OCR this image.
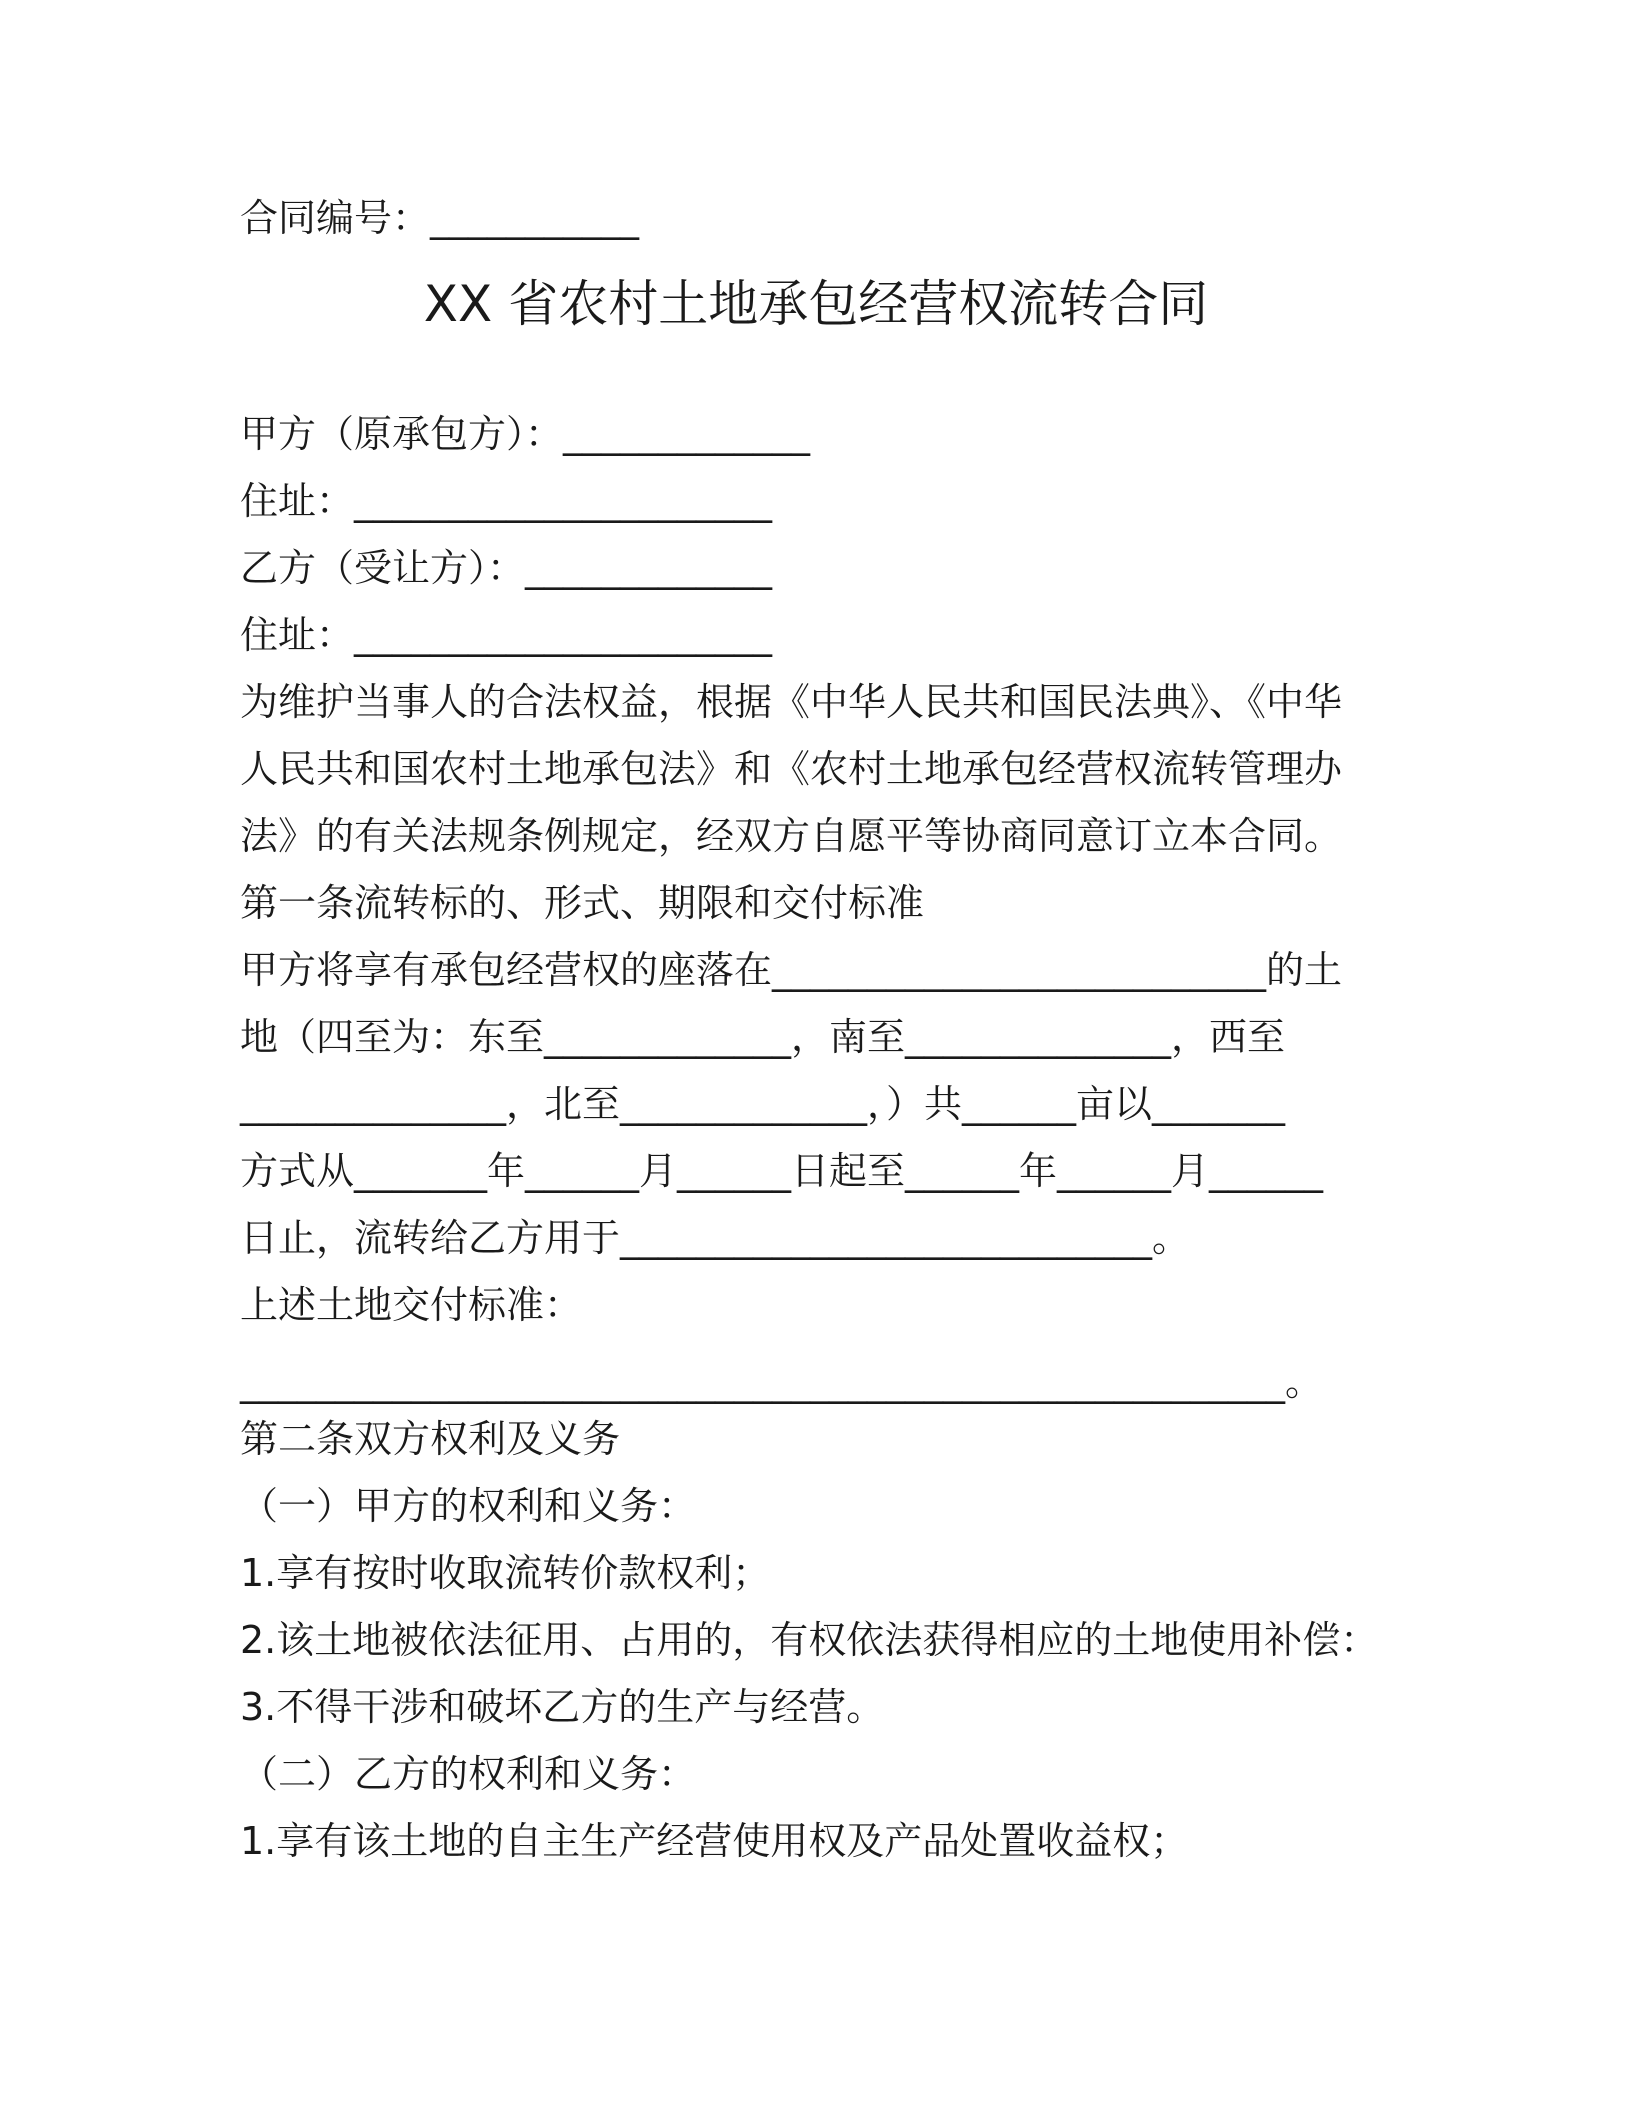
合同编号：___________
XX 省农村土地承包经营权流转合同
甲方（原承包方）：_____________
住址：______________________
乙方（受让方）：_____________
住址：______________________
为维护当事人的合法权益，根据《中华人民共和国民法典》、《中华
人民共和国农村土地承包法》和《农村土地承包经营权流转管理办
法》的有关法规条例规定，经双方自愿平等协商同意订立本合同。
第一条流转标的、形式、期限和交付标准
甲方将享有承包经营权的座落在__________________________的土
地（四至为：东至_____________，南至______________，西至
______________，北至_____________，）共______亩以_______
方式从_______年______月______日起至______年______月______
日止，流转给乙方用于____________________________。
上述土地交付标准：
_______________________________________________________。
第二条双方权利及义务
（一）甲方的权利和义务：
1.享有按时收取流转价款权利；
2.该土地被依法征用、占用的，有权依法获得相应的土地使用补偿：
3.不得干涉和破坏乙方的生产与经营。
（二）乙方的权利和义务：
1.享有该土地的自主生产经营使用权及产品处置收益权；
